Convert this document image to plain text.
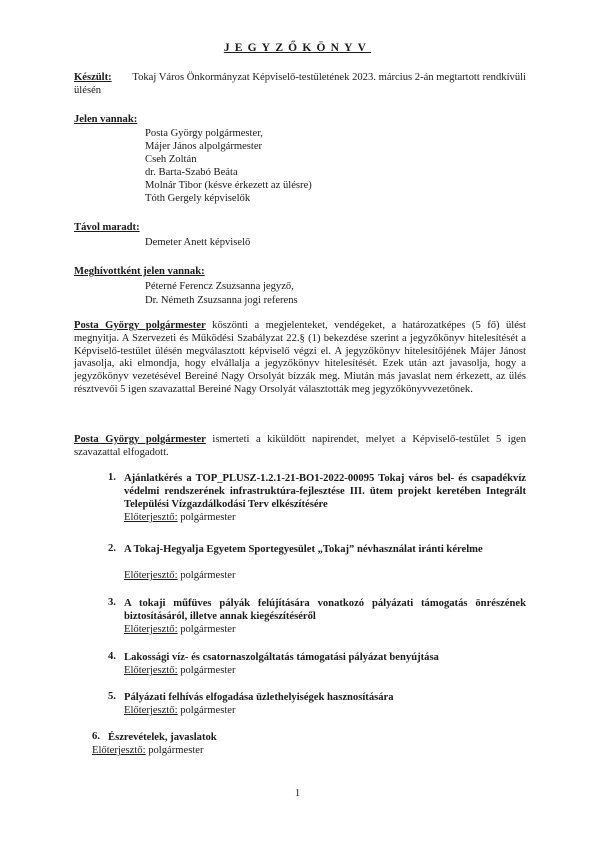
JEGYZŐKÖNYV
Készült: Tokaj Város Önkormányzat Képviselő-testületének 2023. március 2-án megtartott rendkívüli ülésén
Jelen vannak:
Posta György polgármester,
Májer János alpolgármester
Cseh Zoltán
dr. Barta-Szabó Beáta
Molnár Tibor (késve érkezett az ülésre)
Tóth Gergely képviselők
Távol maradt:
Demeter Anett képviselő
Meghívottként jelen vannak:
Péterné Ferencz Zsuzsanna jegyző,
Dr. Németh Zsuzsanna jogi referens
Posta György polgármester köszönti a megjelenteket, vendégeket, a határozatképes (5 fő) ülést megnyitja. A Szervezeti és Működési Szabályzat 22.§ (1) bekezdése szerint a jegyzőkönyv hitelesítését a Képviselő-testület ülésén megválasztott képviselő végzi el. A jegyzőkönyv hitelesítőjének Májer Jánost javasolja, aki elmondja, hogy elvállalja a jegyzőkönyv hitelesítését. Ezek után azt javasolja, hogy a jegyzőkönyv vezetésével Bereiné Nagy Orsolyát bízzák meg. Miután más javaslat nem érkezett, az ülés résztvevői 5 igen szavazattal Bereiné Nagy Orsolyát választották meg jegyzőkönyvvezetőnek.
Posta György polgármester ismerteti a kiküldött napirendet, melyet a Képviselő-testület 5 igen szavazattal elfogadott.
1. Ajánlatkérés a TOP_PLUSZ-1.2.1-21-BO1-2022-00095 Tokaj város bel- és csapadékvíz védelmi rendszerének infrastruktúra-fejlesztése III. ütem projekt keretében Integrált Települési Vízgazdálkodási Terv elkészítésére
Előterjesztő: polgármester
2. A Tokaj-Hegyalja Egyetem Sportegyesület „Tokaj” névhasználat iránti kérelme
Előterjesztő: polgármester
3. A tokaji műfüves pályák felújítására vonatkozó pályázati támogatás önrészének biztosításáról, illetve annak kiegészítéséről
Előterjesztő: polgármester
4. Lakossági víz- és csatornaszolgáltatás támogatási pályázat benyújtása
Előterjesztő: polgármester
5. Pályázati felhívás elfogadása üzlethelyiségek hasznosítására
Előterjesztő: polgármester
6. Észrevételek, javaslatok
Előterjesztő: polgármester
1
